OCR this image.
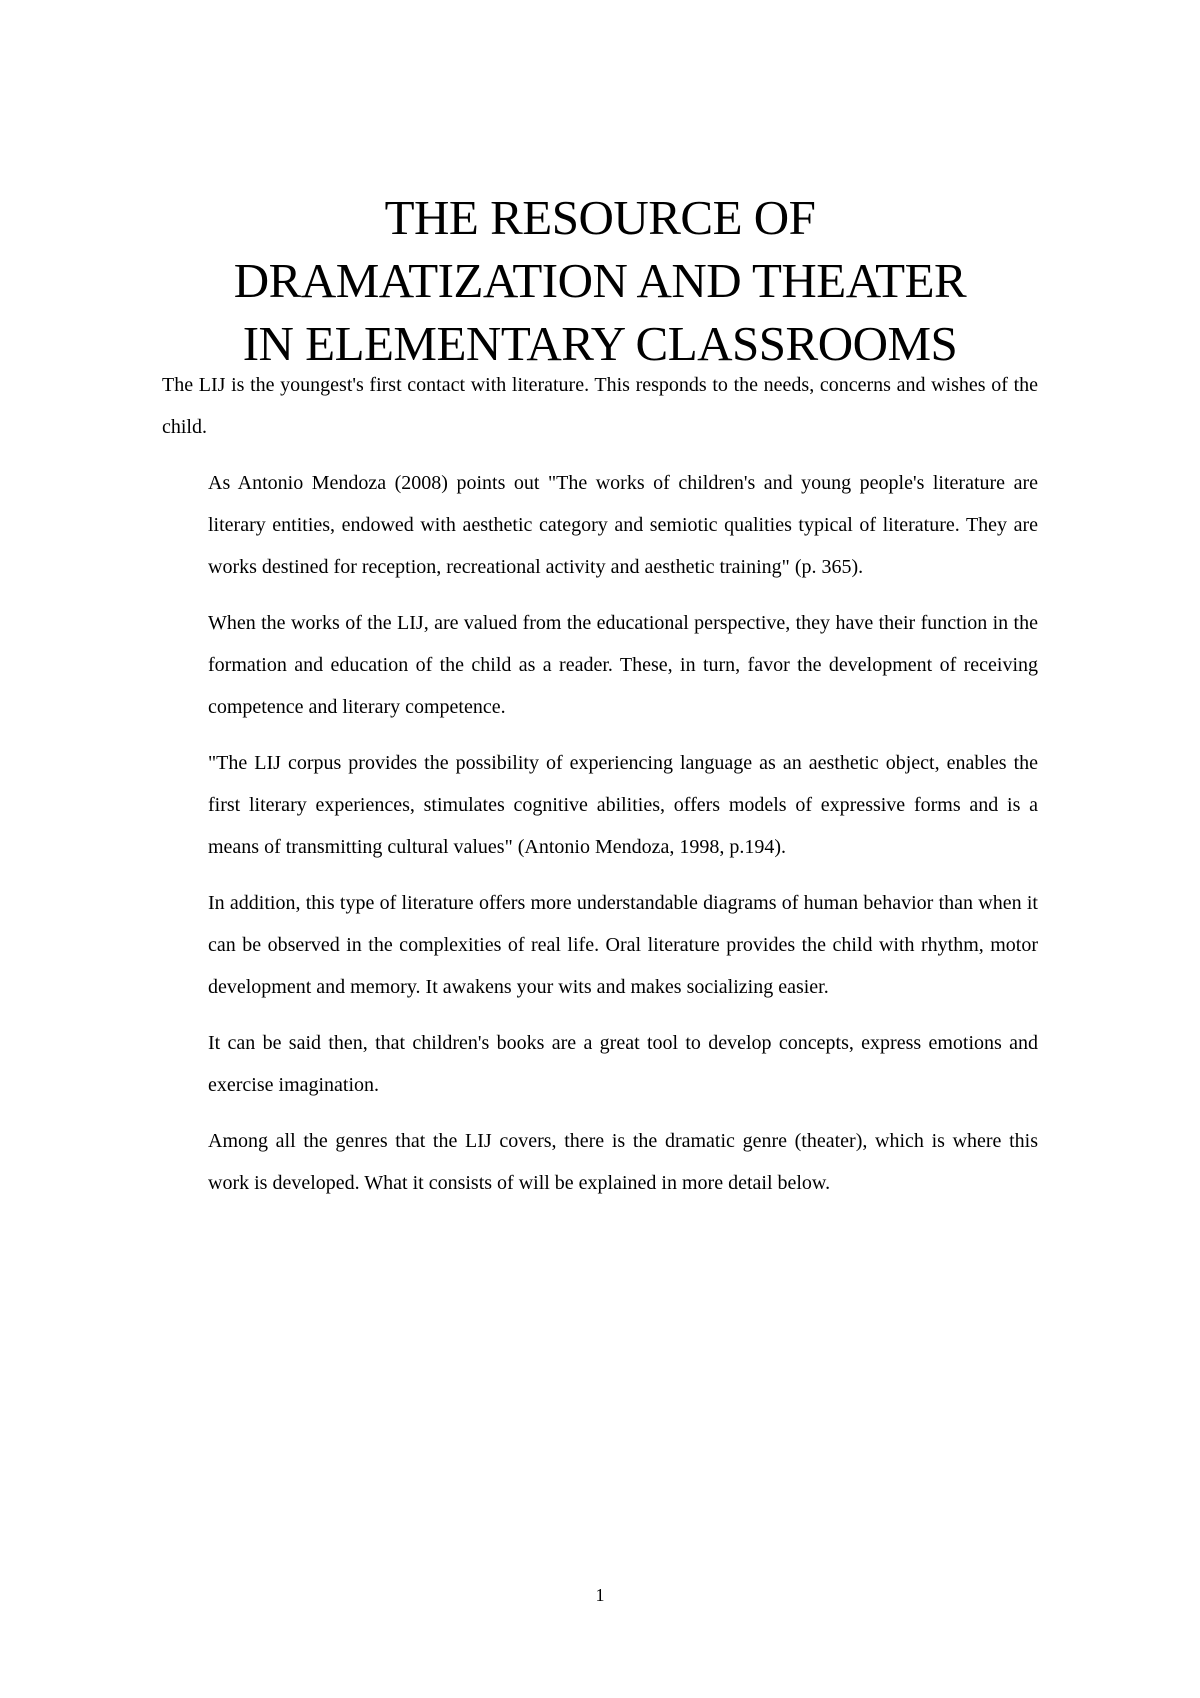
THE RESOURCE OF
DRAMATIZATION AND THEATER
IN ELEMENTARY CLASSROOMS

The LIJ is the youngest's first contact with literature. This responds to the needs, concerns and wishes of the child.

As Antonio Mendoza (2008) points out "The works of children's and young people's literature are literary entities, endowed with aesthetic category and semiotic qualities typical of literature. They are works destined for reception, recreational activity and aesthetic training" (p. 365).

When the works of the LIJ, are valued from the educational perspective, they have their function in the formation and education of the child as a reader. These, in turn, favor the development of receiving competence and literary competence.

"The LIJ corpus provides the possibility of experiencing language as an aesthetic object, enables the first literary experiences, stimulates cognitive abilities, offers models of expressive forms and is a means of transmitting cultural values" (Antonio Mendoza, 1998, p.194).

In addition, this type of literature offers more understandable diagrams of human behavior than when it can be observed in the complexities of real life. Oral literature provides the child with rhythm, motor development and memory. It awakens your wits and makes socializing easier.

It can be said then, that children's books are a great tool to develop concepts, express emotions and exercise imagination.

Among all the genres that the LIJ covers, there is the dramatic genre (theater), which is where this work is developed. What it consists of will be explained in more detail below.

1
